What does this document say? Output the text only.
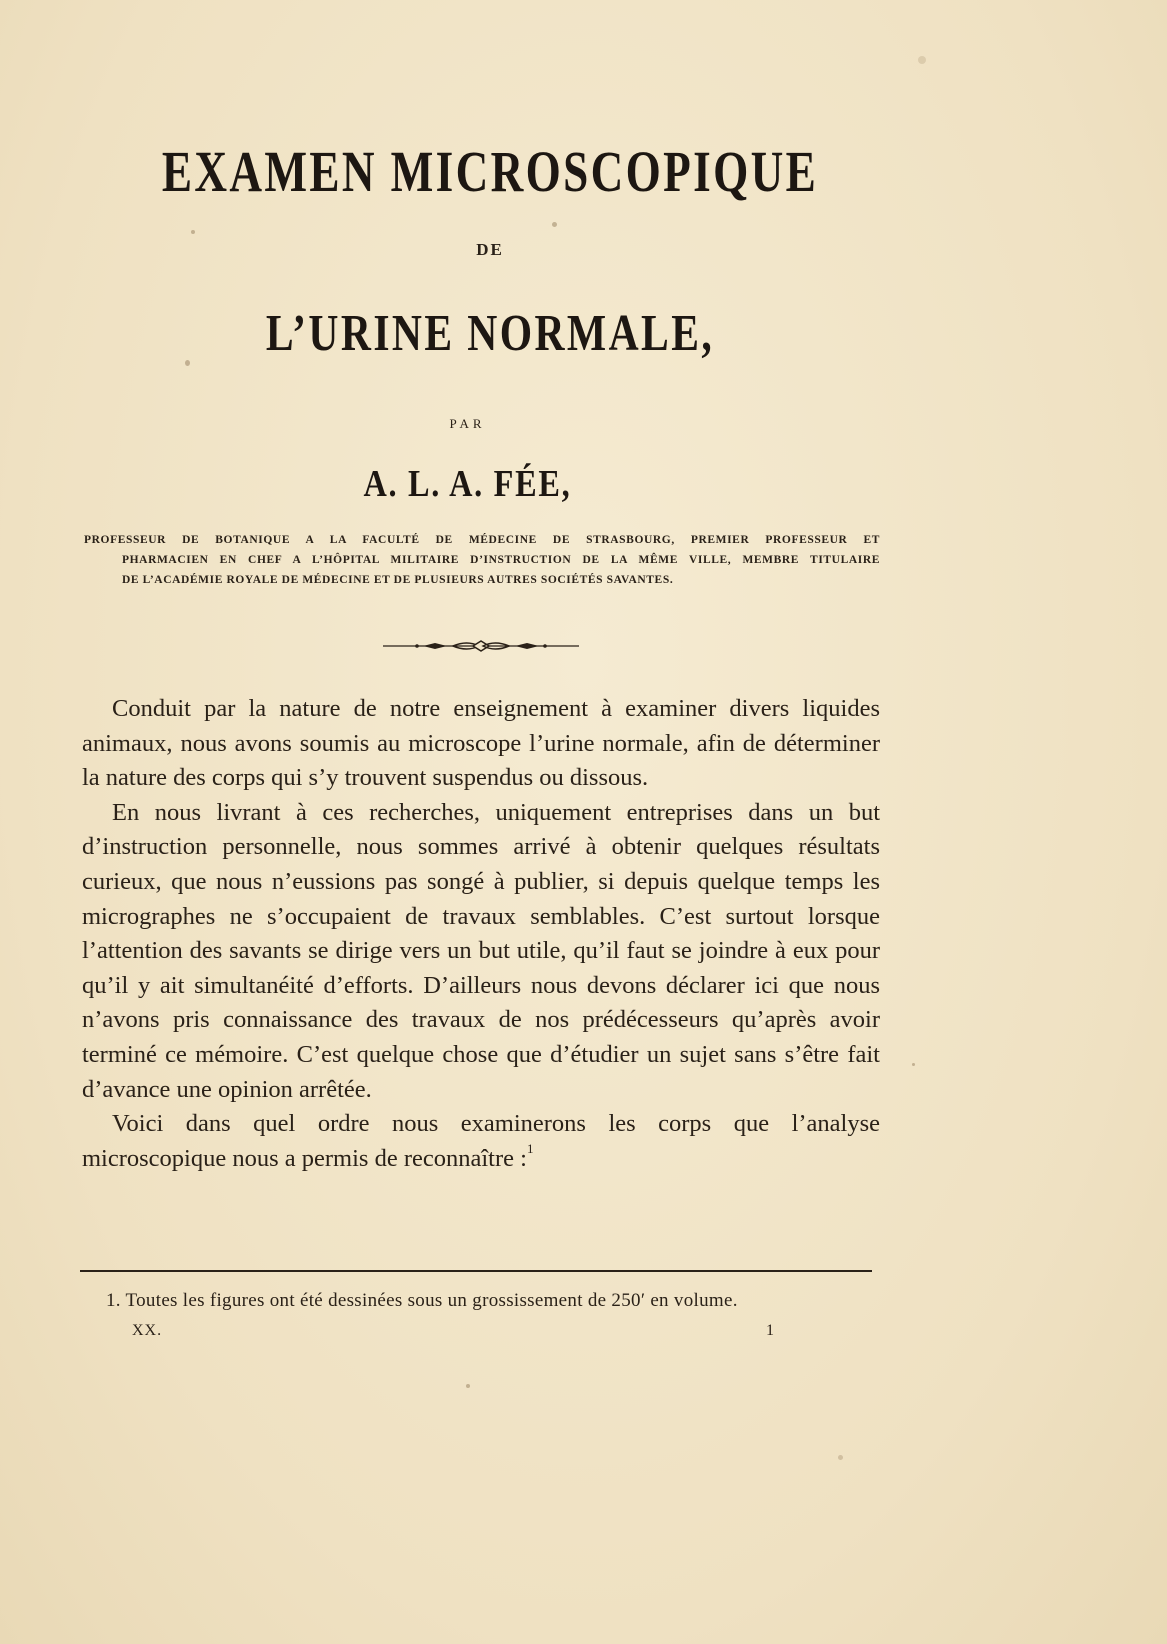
EXAMEN MICROSCOPIQUE
DE
L’URINE NORMALE,
PAR
A. L. A. FÉE,
PROFESSEUR DE BOTANIQUE A LA FACULTÉ DE MÉDECINE DE STRASBOURG, PREMIER PROFESSEUR ET
PHARMACIEN EN CHEF A L’HÔPITAL MILITAIRE D’INSTRUCTION DE LA MÊME VILLE, MEMBRE TITULAIRE
DE L’ACADÉMIE ROYALE DE MÉDECINE ET DE PLUSIEURS AUTRES SOCIÉTÉS SAVANTES.

Conduit par la nature de notre enseignement à examiner divers liquides animaux, nous avons soumis au microscope l’urine normale, afin de déterminer la nature des corps qui s’y trouvent suspendus ou dissous.

En nous livrant à ces recherches, uniquement entreprises dans un but d’instruction personnelle, nous sommes arrivé à obtenir quelques résultats curieux, que nous n’eussions pas songé à publier, si depuis quelque temps les micrographes ne s’occupaient de travaux semblables. C’est surtout lorsque l’attention des savants se dirige vers un but utile, qu’il faut se joindre à eux pour qu’il y ait simultanéité d’efforts. D’ailleurs nous devons déclarer ici que nous n’avons pris connaissance des travaux de nos prédécesseurs qu’après avoir terminé ce mémoire. C’est quelque chose que d’étudier un sujet sans s’être fait d’avance une opinion arrêtée.

Voici dans quel ordre nous examinerons les corps que l’analyse microscopique nous a permis de reconnaître :$^1$

1. Toutes les figures ont été dessinées sous un grossissement de 250′ en volume.
XX.	1
